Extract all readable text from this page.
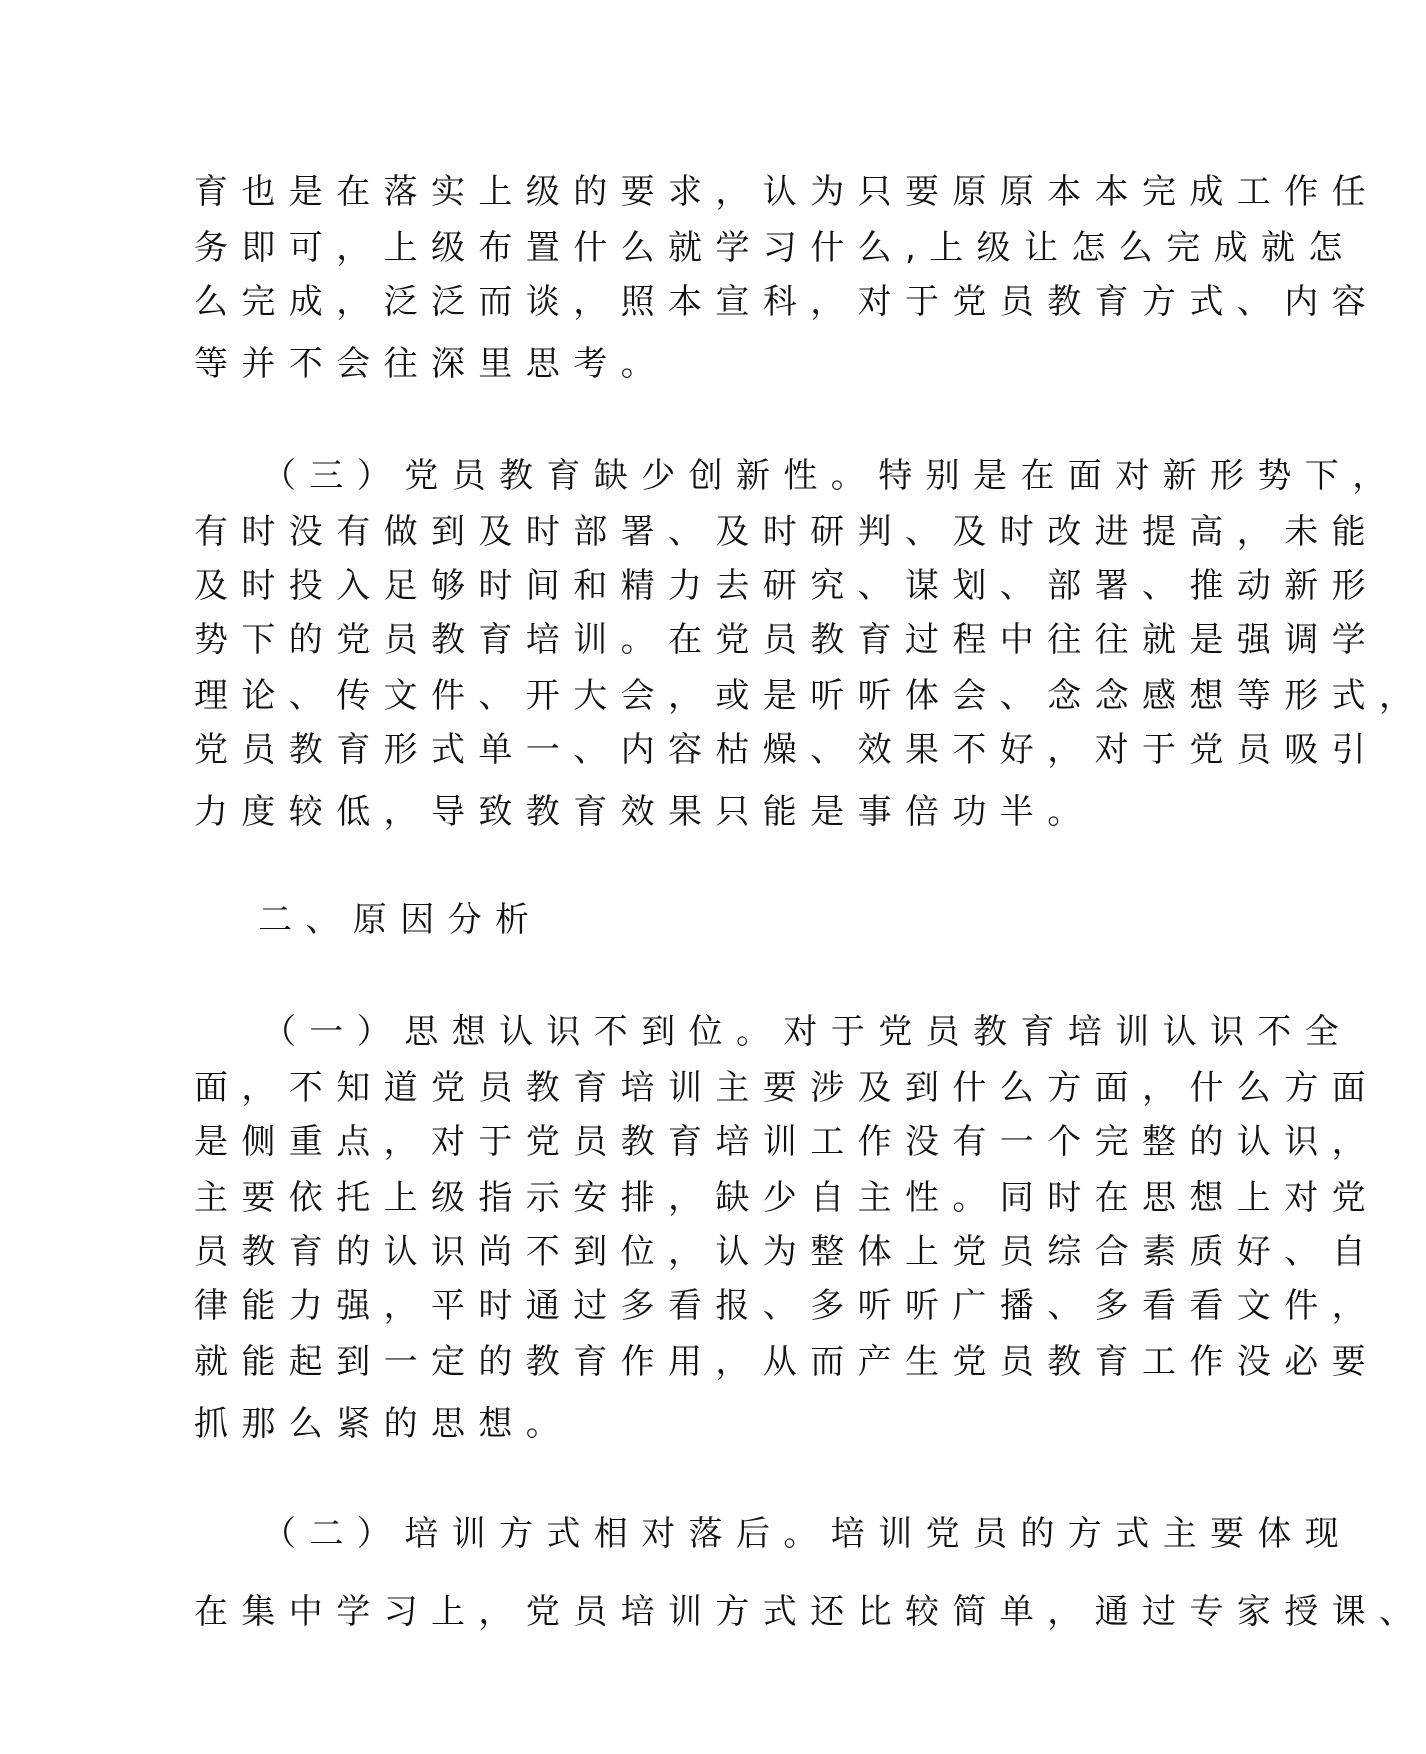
育也是在落实上级的要求，认为只要原原本本完成工作任
务即可，上级布置什么就学习什么,上级让怎么完成就怎
么完成，泛泛而谈，照本宣科，对于党员教育方式、内容
等并不会往深里思考。
（三）党员教育缺少创新性。特别是在面对新形势下，
有时没有做到及时部署、及时研判、及时改进提高，未能
及时投入足够时间和精力去研究、谋划、部署、推动新形
势下的党员教育培训。在党员教育过程中往往就是强调学
理论、传文件、开大会，或是听听体会、念念感想等形式，
党员教育形式单一、内容枯燥、效果不好，对于党员吸引
力度较低，导致教育效果只能是事倍功半。
二、原因分析
（一）思想认识不到位。对于党员教育培训认识不全
面，不知道党员教育培训主要涉及到什么方面，什么方面
是侧重点，对于党员教育培训工作没有一个完整的认识，
主要依托上级指示安排，缺少自主性。同时在思想上对党
员教育的认识尚不到位，认为整体上党员综合素质好、自
律能力强，平时通过多看报、多听听广播、多看看文件，
就能起到一定的教育作用，从而产生党员教育工作没必要
抓那么紧的思想。
（二）培训方式相对落后。培训党员的方式主要体现
在集中学习上，党员培训方式还比较简单，通过专家授课、
